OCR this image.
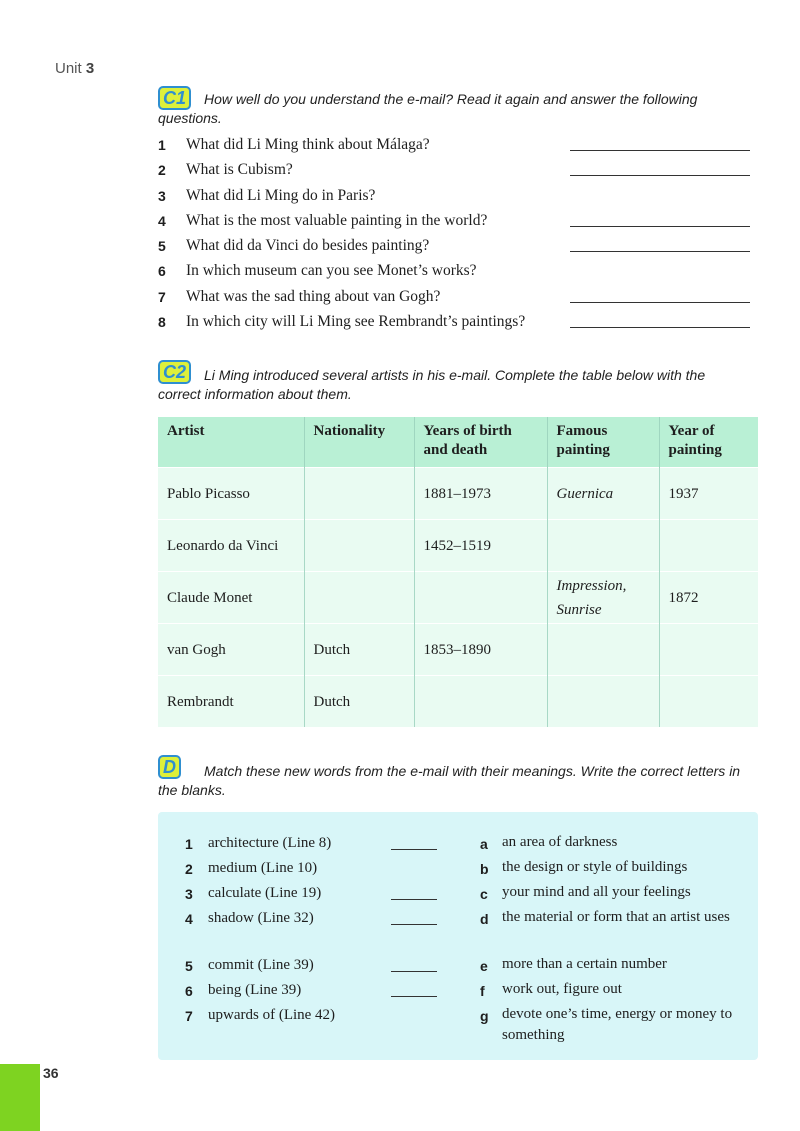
Unit 3
C1	How well do you understand the e-mail? Read it again and answer the following questions.
1 What did Li Ming think about Málaga?
2 What is Cubism?
3 What did Li Ming do in Paris?
4 What is the most valuable painting in the world?
5 What did da Vinci do besides painting?
6 In which museum can you see Monet’s works?
7 What was the sad thing about van Gogh?
8 In which city will Li Ming see Rembrandt’s paintings?
C2	Li Ming introduced several artists in his e-mail. Complete the table below with the correct information about them.
Artist	Nationality	Years of birth and death	Famous painting	Year of painting
Pablo Picasso		1881–1973	Guernica	1937
Leonardo da Vinci		1452–1519		
Claude Monet			Impression, Sunrise	1872
van Gogh	Dutch	1853–1890		
Rembrandt	Dutch			
D	Match these new words from the e-mail with their meanings. Write the correct letters in the blanks.
1 architecture (Line 8)
2 medium (Line 10)
3 calculate (Line 19)
4 shadow (Line 32)
5 commit (Line 39)
6 being (Line 39)
7 upwards of (Line 42)
a an area of darkness
b the design or style of buildings
c your mind and all your feelings
d the material or form that an artist uses
e more than a certain number
f work out, figure out
g devote one’s time, energy or money to something
36
